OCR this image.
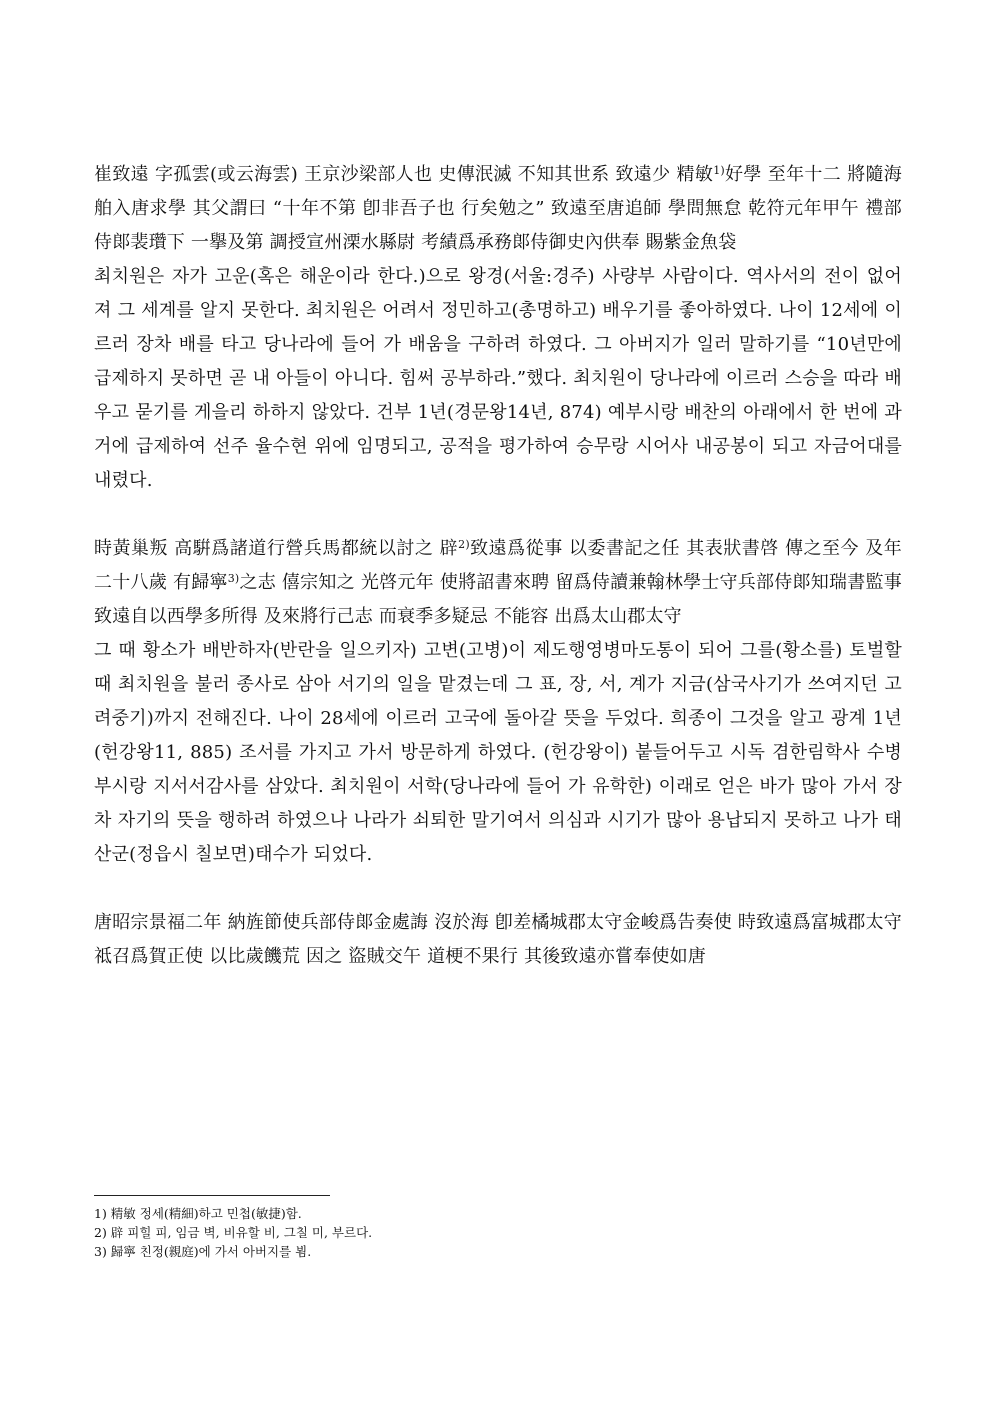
崔致遠 字孤雲(或云海雲) 王京沙梁部人也 史傳泯滅 不知其世系 致遠少 精敏$^{1)}$好學 至年十二 將隨海舶入唐求學 其父謂曰 “十年不第 卽非吾子也 行矣勉之” 致遠至唐追師 學問無怠 乾符元年甲午 禮部侍郞裴瓚下 一擧及第 調授宣州溧水縣尉 考績爲承務郞侍御史內供奉 賜紫金魚袋

최치원은 자가 고운(혹은 해운이라 한다.)으로 왕경(서울:경주) 사량부 사람이다. 역사서의 전이 없어져 그 세계를 알지 못한다. 최치원은 어려서 정민하고(총명하고) 배우기를 좋아하였다. 나이 12세에 이르러 장차 배를 타고 당나라에 들어 가 배움을 구하려 하였다. 그 아버지가 일러 말하기를 “10년만에 급제하지 못하면 곧 내 아들이 아니다. 힘써 공부하라.”했다. 최치원이 당나라에 이르러 스승을 따라 배우고 묻기를 게을리 하하지 않았다. 건부 1년(경문왕14년, 874) 예부시랑 배찬의 아래에서 한 번에 과거에 급제하여 선주 율수현 위에 임명되고, 공적을 평가하여 승무랑 시어사 내공봉이 되고 자금어대를 내렸다.

時黃巢叛 高騈爲諸道行營兵馬都統以討之 辟$^{2)}$致遠爲從事 以委書記之任 其表狀書啓 傳之至今 及年二十八歲 有歸寧$^{3)}$之志 僖宗知之 光啓元年 使將詔書來聘 留爲侍讀兼翰林學士守兵部侍郞知瑞書監事 致遠自以西學多所得 及來將行己志 而衰季多疑忌 不能容 出爲太山郡太守

그 때 황소가 배반하자(반란을 일으키자) 고변(고병)이 제도행영병마도통이 되어 그를(황소를) 토벌할 때 최치원을 불러 종사로 삼아 서기의 일을 맡겼는데 그 표, 장, 서, 계가 지금(삼국사기가 쓰여지던 고려중기)까지 전해진다. 나이 28세에 이르러 고국에 돌아갈 뜻을 두었다. 희종이 그것을 알고 광계 1년(헌강왕11, 885) 조서를 가지고 가서 방문하게 하였다. (헌강왕이) 붙들어두고 시독 겸한림학사 수병부시랑 지서서감사를 삼았다. 최치원이 서학(당나라에 들어 가 유학한) 이래로 얻은 바가 많아 가서 장차 자기의 뜻을 행하려 하였으나 나라가 쇠퇴한 말기여서 의심과 시기가 많아 용납되지 못하고 나가 태산군(정읍시 칠보면)태수가 되었다.

唐昭宗景福二年 納旌節使兵部侍郞金處誨 沒於海 卽差橘城郡太守金峻爲告奏使 時致遠爲富城郡太守 祗召爲賀正使 以比歲饑荒 因之 盜賊交午 道梗不果行 其後致遠亦嘗奉使如唐

1) 精敏 정세(精細)하고 민첩(敏捷)함.

2) 辟 피힐 피, 임금 벽, 비유할 비, 그칠 미, 부르다.

3) 歸寧 친정(親庭)에 가서 아버지를 뵘.
